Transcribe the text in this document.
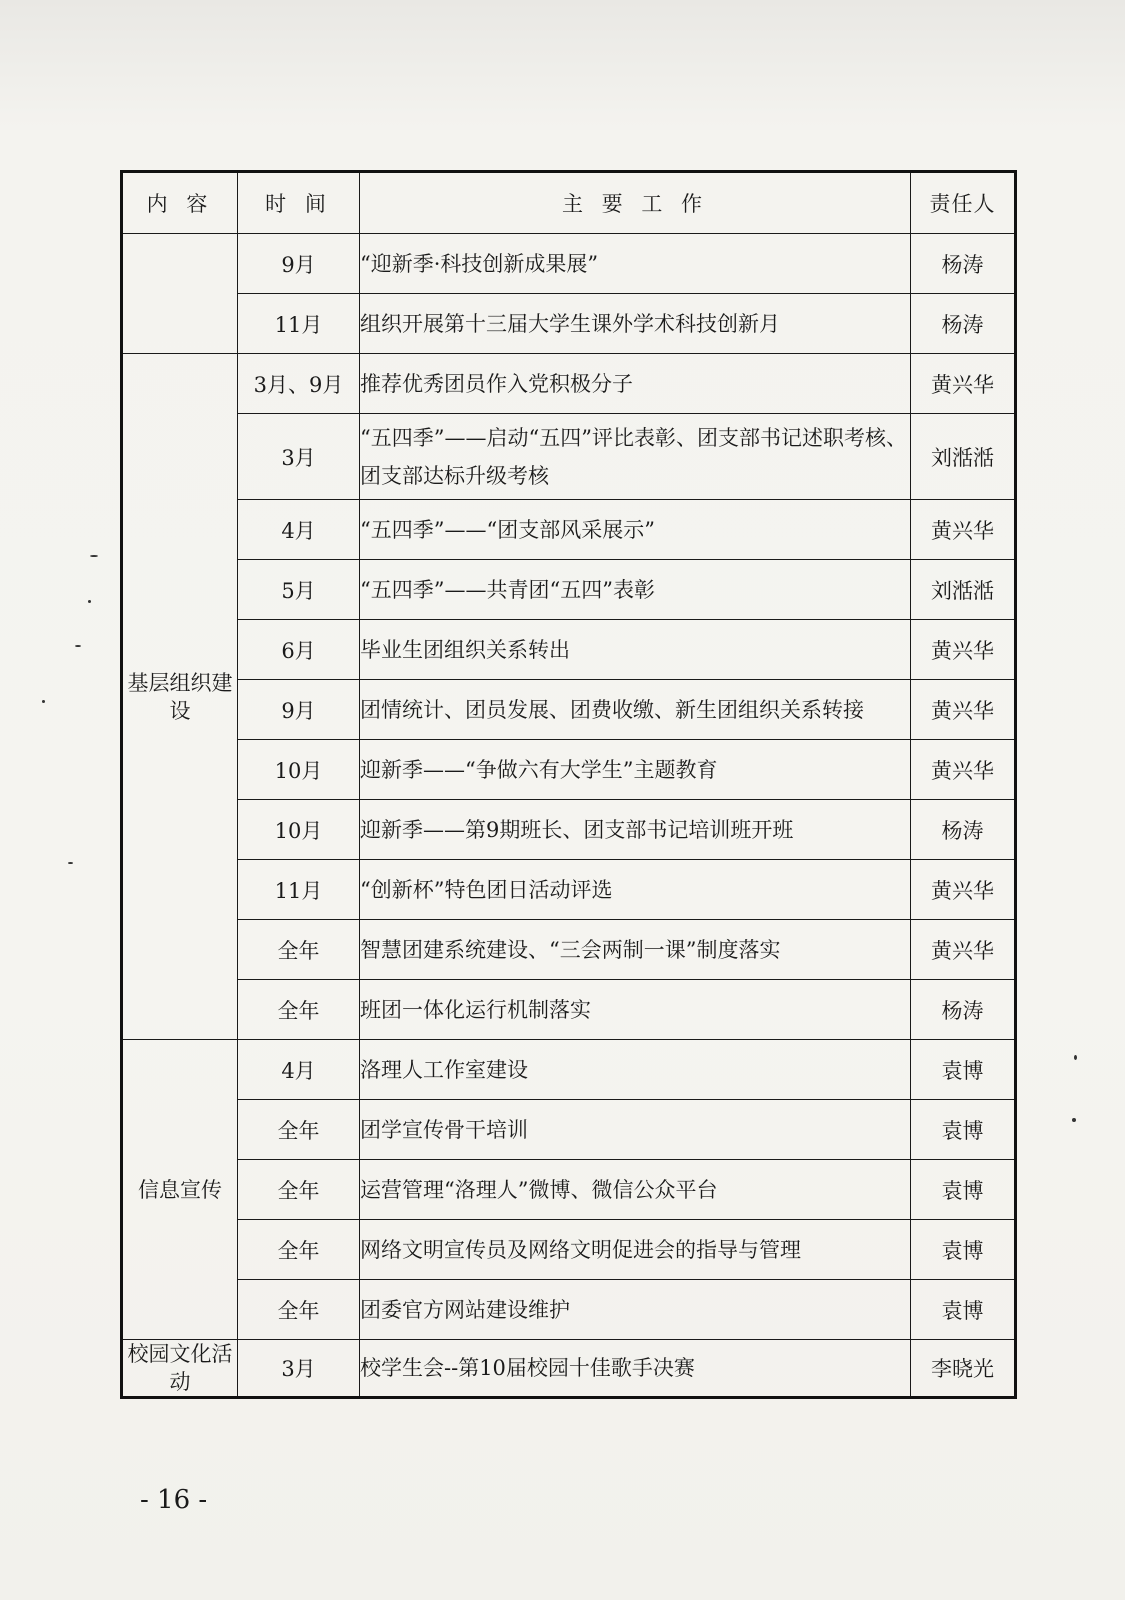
内 容	时 间	主 要 工 作	责任人
	9月	“迎新季·科技创新成果展”	杨涛
	11月	组织开展第十三届大学生课外学术科技创新月	杨涛
基层组织建设	3月、9月	推荐优秀团员作入党积极分子	黄兴华
	3月	“五四季”——启动“五四”评比表彰、团支部书记述职考核、团支部达标升级考核	刘湉湉
	4月	“五四季”——“团支部风采展示”	黄兴华
	5月	“五四季”——共青团“五四”表彰	刘湉湉
	6月	毕业生团组织关系转出	黄兴华
	9月	团情统计、团员发展、团费收缴、新生团组织关系转接	黄兴华
	10月	迎新季——“争做六有大学生”主题教育	黄兴华
	10月	迎新季——第9期班长、团支部书记培训班开班	杨涛
	11月	“创新杯”特色团日活动评选	黄兴华
	全年	智慧团建系统建设、“三会两制一课”制度落实	黄兴华
	全年	班团一体化运行机制落实	杨涛
信息宣传	4月	洛理人工作室建设	袁博
	全年	团学宣传骨干培训	袁博
	全年	运营管理“洛理人”微博、微信公众平台	袁博
	全年	网络文明宣传员及网络文明促进会的指导与管理	袁博
	全年	团委官方网站建设维护	袁博
校园文化活动	3月	校学生会--第10届校园十佳歌手决赛	李晓光
- 16 -
